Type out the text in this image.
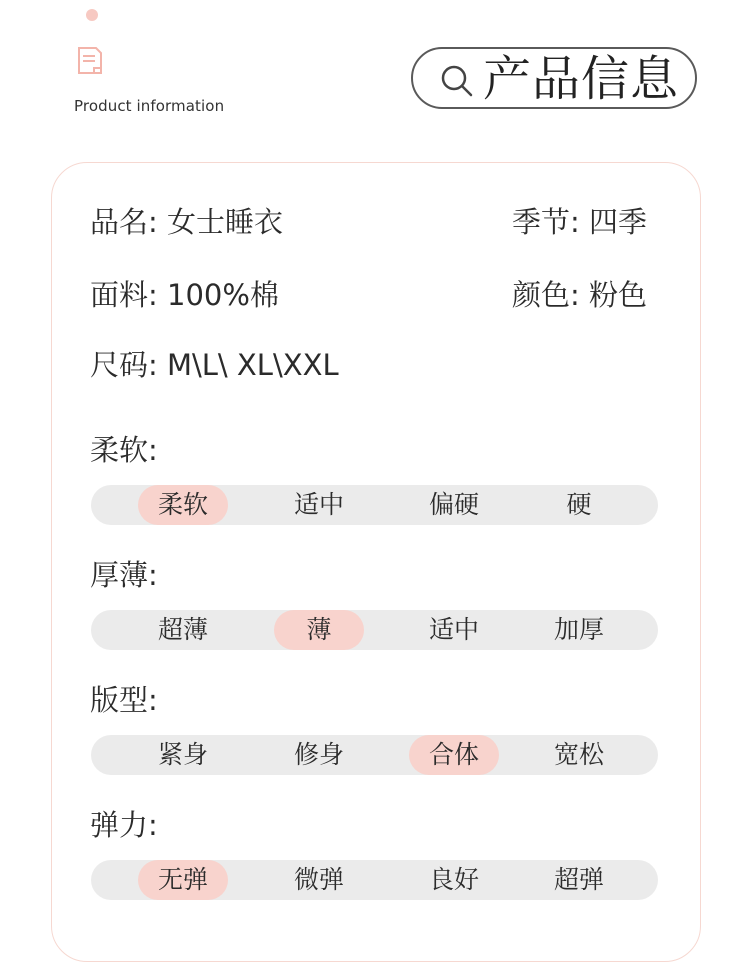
Product information	产品信息
品名: 女士睡衣	季节: 四季
面料: 100%棉	颜色: 粉色
尺码: M\L\ XL\XXL
柔软:
柔软	适中	偏硬	硬
厚薄:
超薄	薄	适中	加厚
版型:
紧身	修身	合体	宽松
弹力:
无弹	微弹	良好	超弹
